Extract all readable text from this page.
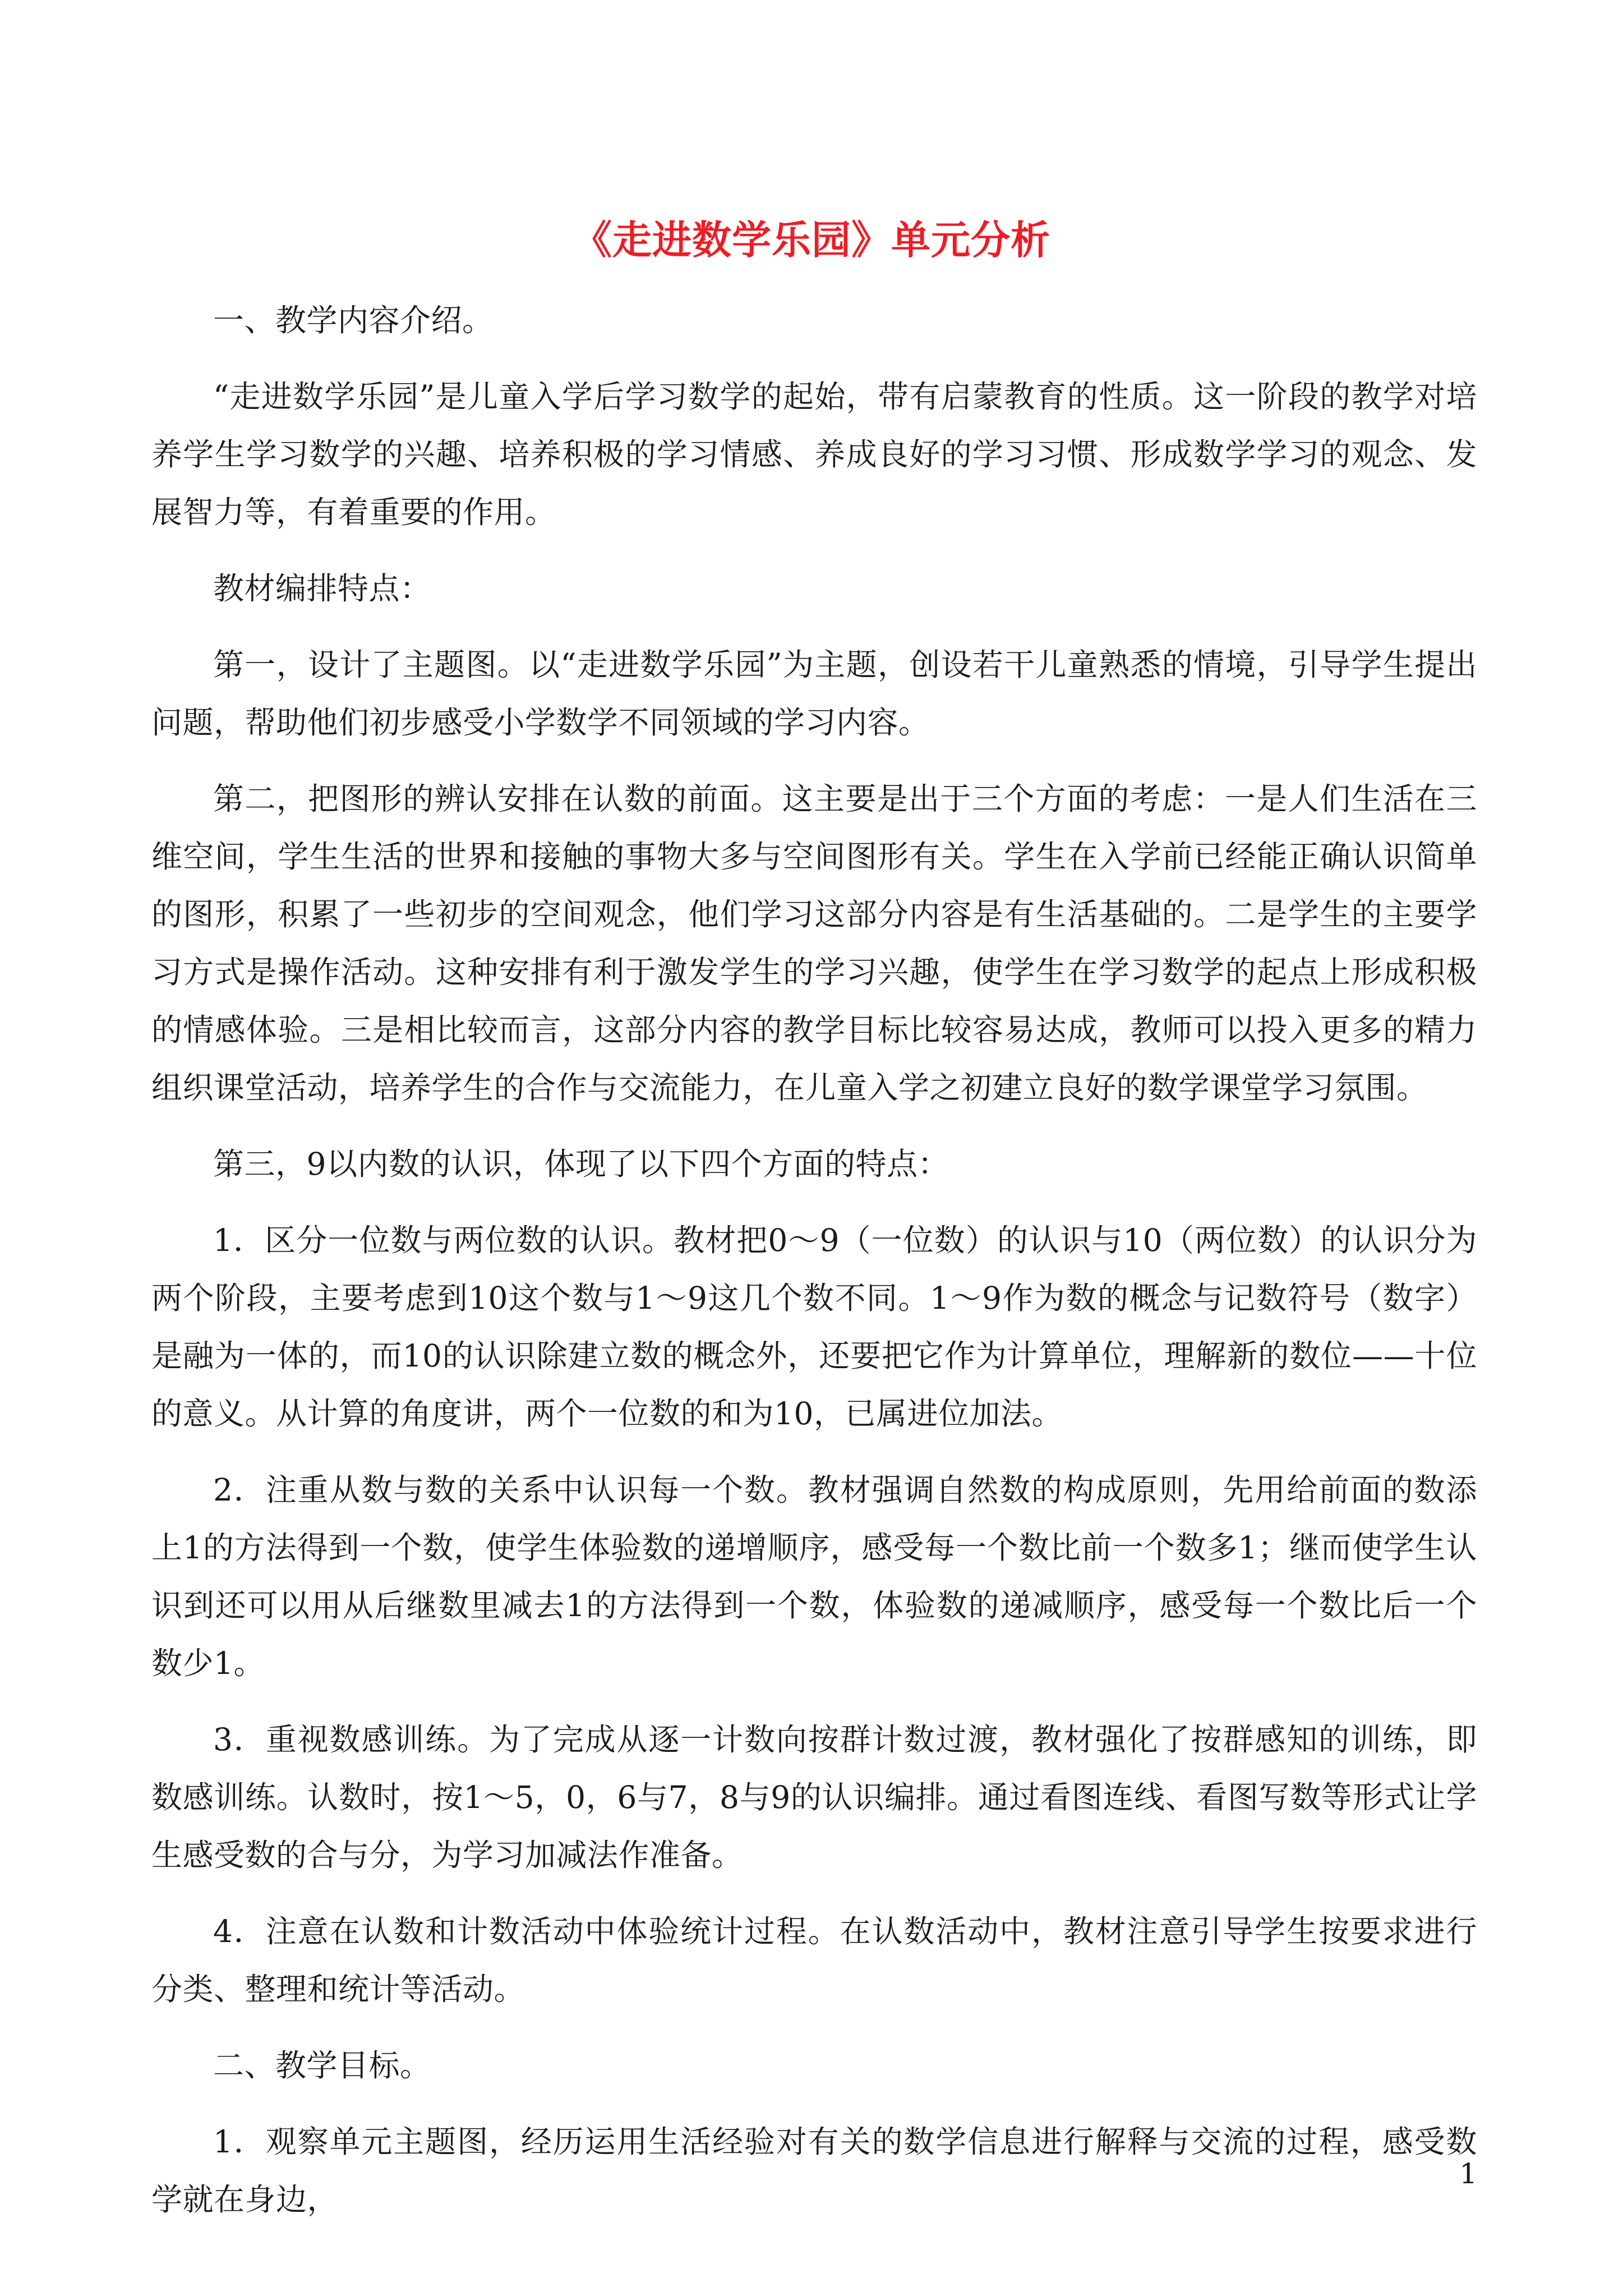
《走进数学乐园》单元分析

一、教学内容介绍。

“走进数学乐园”是儿童入学后学习数学的起始，带有启蒙教育的性质。这一阶段的教学对培养学生学习数学的兴趣、培养积极的学习情感、养成良好的学习习惯、形成数学学习的观念、发展智力等，有着重要的作用。

教材编排特点：

第一，设计了主题图。以“走进数学乐园”为主题，创设若干儿童熟悉的情境，引导学生提出问题，帮助他们初步感受小学数学不同领域的学习内容。

第二，把图形的辨认安排在认数的前面。这主要是出于三个方面的考虑：一是人们生活在三维空间，学生生活的世界和接触的事物大多与空间图形有关。学生在入学前已经能正确认识简单的图形，积累了一些初步的空间观念，他们学习这部分内容是有生活基础的。二是学生的主要学习方式是操作活动。这种安排有利于激发学生的学习兴趣，使学生在学习数学的起点上形成积极的情感体验。三是相比较而言，这部分内容的教学目标比较容易达成，教师可以投入更多的精力组织课堂活动，培养学生的合作与交流能力，在儿童入学之初建立良好的数学课堂学习氛围。

第三，9以内数的认识，体现了以下四个方面的特点：

1．区分一位数与两位数的认识。教材把0～9（一位数）的认识与10（两位数）的认识分为两个阶段，主要考虑到10这个数与1～9这几个数不同。1～9作为数的概念与记数符号（数字）是融为一体的，而10的认识除建立数的概念外，还要把它作为计算单位，理解新的数位——十位的意义。从计算的角度讲，两个一位数的和为10，已属进位加法。

2．注重从数与数的关系中认识每一个数。教材强调自然数的构成原则，先用给前面的数添上1的方法得到一个数，使学生体验数的递增顺序，感受每一个数比前一个数多1；继而使学生认识到还可以用从后继数里减去1的方法得到一个数，体验数的递减顺序，感受每一个数比后一个数少1。

3．重视数感训练。为了完成从逐一计数向按群计数过渡，教材强化了按群感知的训练，即数感训练。认数时，按1～5，0，6与7，8与9的认识编排。通过看图连线、看图写数等形式让学生感受数的合与分，为学习加减法作准备。

4．注意在认数和计数活动中体验统计过程。在认数活动中，教材注意引导学生按要求进行分类、整理和统计等活动。

二、教学目标。

1．观察单元主题图，经历运用生活经验对有关的数学信息进行解释与交流的过程，感受数学就在身边，

1
